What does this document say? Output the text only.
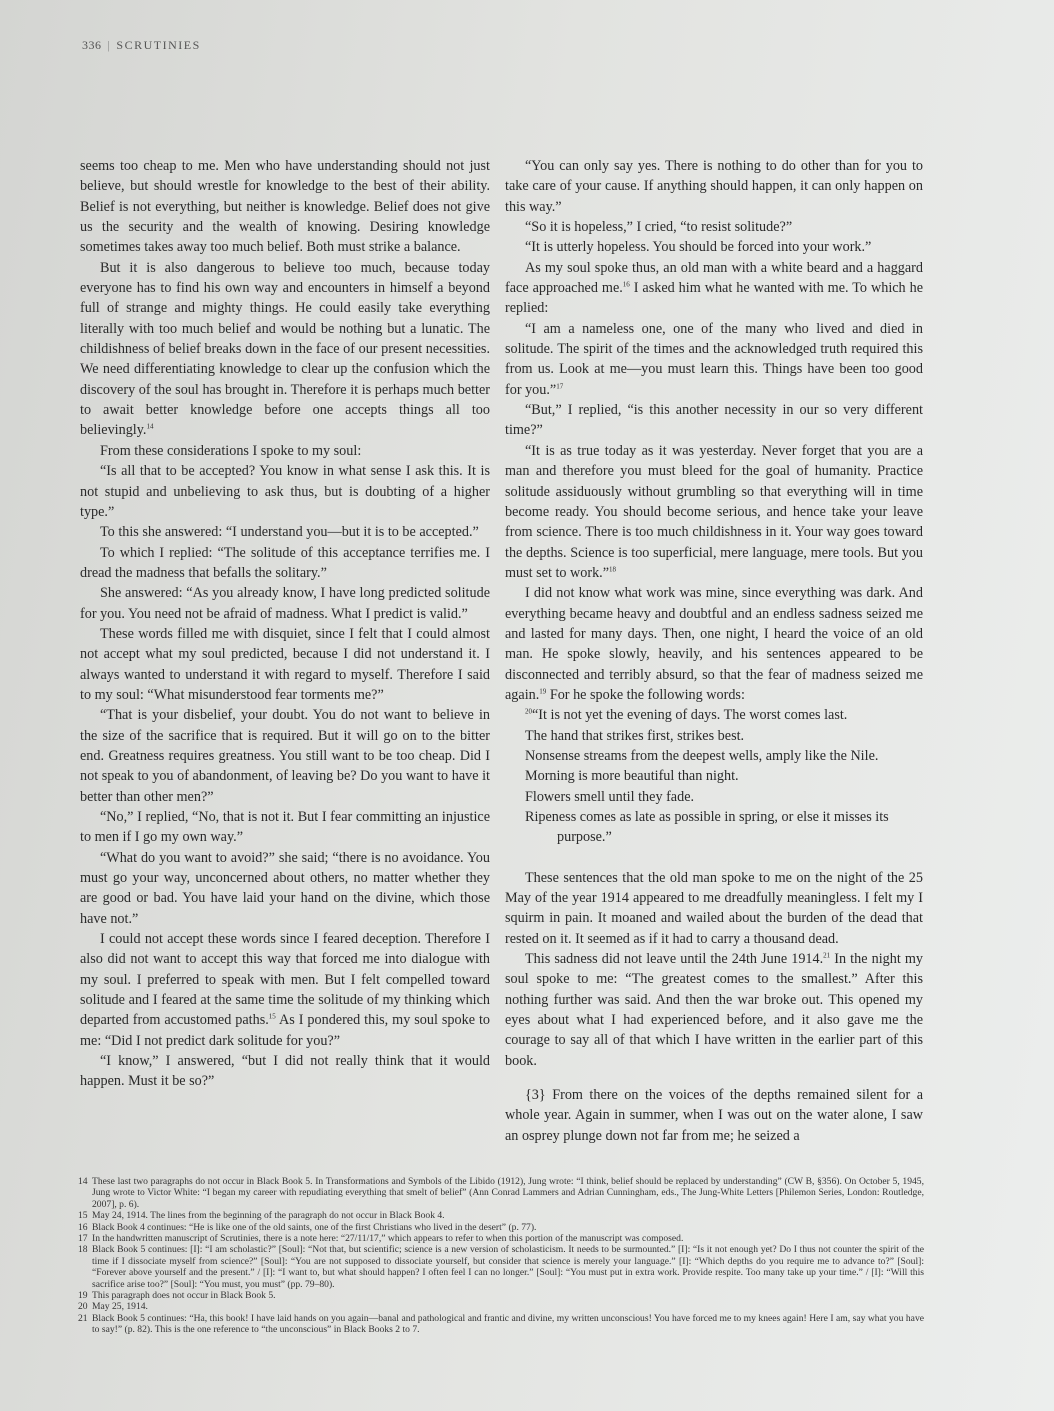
336 | SCRUTINIES

seems too cheap to me. Men who have understanding should not just believe, but should wrestle for knowledge to the best of their ability. Belief is not everything, but neither is knowledge. Belief does not give us the security and the wealth of knowing. Desiring knowledge sometimes takes away too much belief. Both must strike a balance.

But it is also dangerous to believe too much, because today everyone has to find his own way and encounters in himself a beyond full of strange and mighty things. He could easily take everything literally with too much belief and would be nothing but a lunatic. The childishness of belief breaks down in the face of our present necessities. We need differentiating knowledge to clear up the confusion which the discovery of the soul has brought in. Therefore it is perhaps much better to await better knowledge before one accepts things all too believingly.$^{14}$

From these considerations I spoke to my soul:

“Is all that to be accepted? You know in what sense I ask this. It is not stupid and unbelieving to ask thus, but is doubting of a higher type.”

To this she answered: “I understand you—but it is to be accepted.”

To which I replied: “The solitude of this acceptance terrifies me. I dread the madness that befalls the solitary.”

She answered: “As you already know, I have long predicted solitude for you. You need not be afraid of madness. What I predict is valid.”

These words filled me with disquiet, since I felt that I could almost not accept what my soul predicted, because I did not understand it. I always wanted to understand it with regard to myself. Therefore I said to my soul: “What misunderstood fear torments me?”

“That is your disbelief, your doubt. You do not want to believe in the size of the sacrifice that is required. But it will go on to the bitter end. Greatness requires greatness. You still want to be too cheap. Did I not speak to you of abandonment, of leaving be? Do you want to have it better than other men?”

“No,” I replied, “No, that is not it. But I fear committing an injustice to men if I go my own way.”

“What do you want to avoid?” she said; “there is no avoidance. You must go your way, unconcerned about others, no matter whether they are good or bad. You have laid your hand on the divine, which those have not.”

I could not accept these words since I feared deception. Therefore I also did not want to accept this way that forced me into dialogue with my soul. I preferred to speak with men. But I felt compelled toward solitude and I feared at the same time the solitude of my thinking which departed from accustomed paths.$^{15}$ As I pondered this, my soul spoke to me: “Did I not predict dark solitude for you?”

“I know,” I answered, “but I did not really think that it would happen. Must it be so?”

“You can only say yes. There is nothing to do other than for you to take care of your cause. If anything should happen, it can only happen on this way.”

“So it is hopeless,” I cried, “to resist solitude?”

“It is utterly hopeless. You should be forced into your work.”

As my soul spoke thus, an old man with a white beard and a haggard face approached me.$^{16}$ I asked him what he wanted with me. To which he replied:

“I am a nameless one, one of the many who lived and died in solitude. The spirit of the times and the acknowledged truth required this from us. Look at me—you must learn this. Things have been too good for you.”$^{17}$

“But,” I replied, “is this another necessity in our so very different time?”

“It is as true today as it was yesterday. Never forget that you are a man and therefore you must bleed for the goal of humanity. Practice solitude assiduously without grumbling so that everything will in time become ready. You should become serious, and hence take your leave from science. There is too much childishness in it. Your way goes toward the depths. Science is too superficial, mere language, mere tools. But you must set to work.”$^{18}$

I did not know what work was mine, since everything was dark. And everything became heavy and doubtful and an endless sadness seized me and lasted for many days. Then, one night, I heard the voice of an old man. He spoke slowly, heavily, and his sentences appeared to be disconnected and terribly absurd, so that the fear of madness seized me again.$^{19}$ For he spoke the following words:

$^{20}$“It is not yet the evening of days. The worst comes last.

The hand that strikes first, strikes best.

Nonsense streams from the deepest wells, amply like the Nile.

Morning is more beautiful than night.

Flowers smell until they fade.

Ripeness comes as late as possible in spring, or else it misses its purpose.”

These sentences that the old man spoke to me on the night of the 25 May of the year 1914 appeared to me dreadfully meaningless. I felt my I squirm in pain. It moaned and wailed about the burden of the dead that rested on it. It seemed as if it had to carry a thousand dead.

This sadness did not leave until the 24th June 1914.21 In the night my soul spoke to me: “The greatest comes to the smallest.” After this nothing further was said. And then the war broke out. This opened my eyes about what I had experienced before, and it also gave me the courage to say all of that which I have written in the earlier part of this book.

{3} From there on the voices of the depths remained silent for a whole year. Again in summer, when I was out on the water alone, I saw an osprey plunge down not far from me; he seized a

14 These last two paragraphs do not occur in Black Book 5. In Transformations and Symbols of the Libido (1912), Jung wrote: “I think, belief should be replaced by understanding” (CW B, §356). On October 5, 1945, Jung wrote to Victor White: “I began my career with repudiating everything that smelt of belief” (Ann Conrad Lammers and Adrian Cunningham, eds., The Jung-White Letters [Philemon Series, London: Routledge, 2007], p. 6).
15 May 24, 1914. The lines from the beginning of the paragraph do not occur in Black Book 4.
16 Black Book 4 continues: “He is like one of the old saints, one of the first Christians who lived in the desert” (p. 77).
17 In the handwritten manuscript of Scrutinies, there is a note here: “27/11/17,” which appears to refer to when this portion of the manuscript was composed.
18 Black Book 5 continues: [I]: “I am scholastic?” [Soul]: “Not that, but scientific; science is a new version of scholasticism. It needs to be surmounted.” [I]: “Is it not enough yet? Do I thus not counter the spirit of the time if I dissociate myself from science?” [Soul]: “You are not supposed to dissociate yourself, but consider that science is merely your language.” [I]: “Which depths do you require me to advance to?” [Soul]: “Forever above yourself and the present.” / [I]: “I want to, but what should happen? I often feel I can no longer.” [Soul]: “You must put in extra work. Provide respite. Too many take up your time.” / [I]: “Will this sacrifice arise too?” [Soul]: “You must, you must” (pp. 79–80).
19 This paragraph does not occur in Black Book 5.
20 May 25, 1914.
21 Black Book 5 continues: “Ha, this book! I have laid hands on you again—banal and pathological and frantic and divine, my written unconscious! You have forced me to my knees again! Here I am, say what you have to say!” (p. 82). This is the one reference to “the unconscious” in Black Books 2 to 7.
